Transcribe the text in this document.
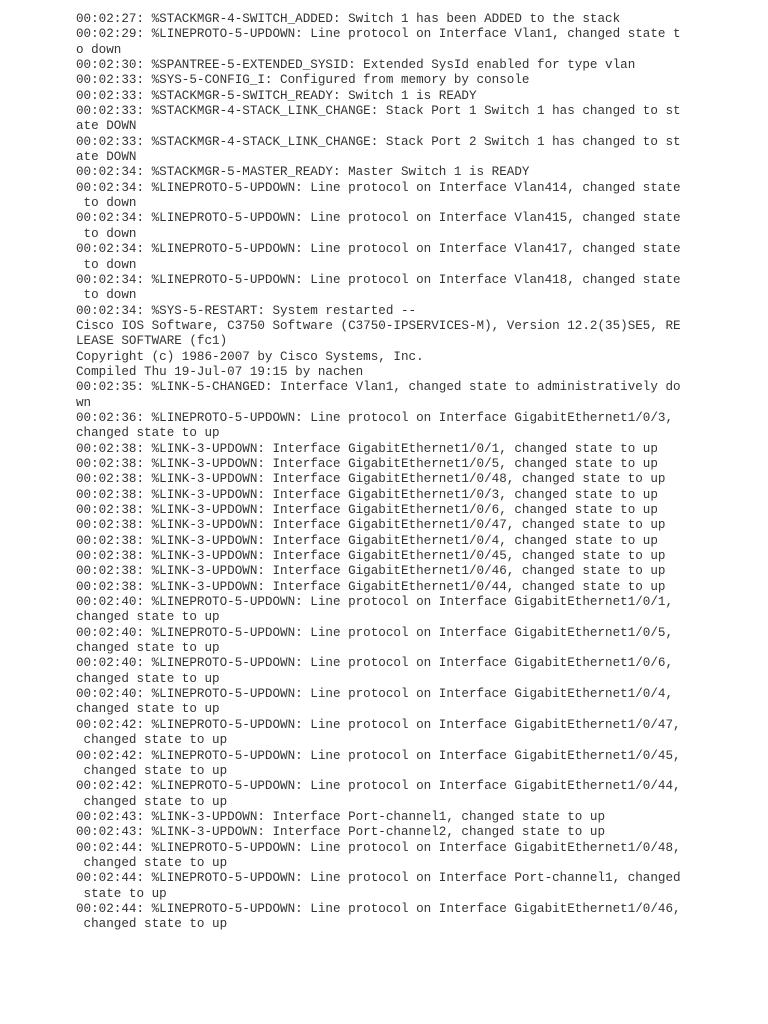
00:02:27: %STACKMGR-4-SWITCH_ADDED: Switch 1 has been ADDED to the stack
00:02:29: %LINEPROTO-5-UPDOWN: Line protocol on Interface Vlan1, changed state t
o down
00:02:30: %SPANTREE-5-EXTENDED_SYSID: Extended SysId enabled for type vlan
00:02:33: %SYS-5-CONFIG_I: Configured from memory by console
00:02:33: %STACKMGR-5-SWITCH_READY: Switch 1 is READY
00:02:33: %STACKMGR-4-STACK_LINK_CHANGE: Stack Port 1 Switch 1 has changed to st
ate DOWN
00:02:33: %STACKMGR-4-STACK_LINK_CHANGE: Stack Port 2 Switch 1 has changed to st
ate DOWN
00:02:34: %STACKMGR-5-MASTER_READY: Master Switch 1 is READY
00:02:34: %LINEPROTO-5-UPDOWN: Line protocol on Interface Vlan414, changed state
to down
00:02:34: %LINEPROTO-5-UPDOWN: Line protocol on Interface Vlan415, changed state
to down
00:02:34: %LINEPROTO-5-UPDOWN: Line protocol on Interface Vlan417, changed state
to down
00:02:34: %LINEPROTO-5-UPDOWN: Line protocol on Interface Vlan418, changed state
to down
00:02:34: %SYS-5-RESTART: System restarted --
Cisco IOS Software, C3750 Software (C3750-IPSERVICES-M), Version 12.2(35)SE5, RE
LEASE SOFTWARE (fc1)
Copyright (c) 1986-2007 by Cisco Systems, Inc.
Compiled Thu 19-Jul-07 19:15 by nachen
00:02:35: %LINK-5-CHANGED: Interface Vlan1, changed state to administratively do
wn
00:02:36: %LINEPROTO-5-UPDOWN: Line protocol on Interface GigabitEthernet1/0/3,
changed state to up
00:02:38: %LINK-3-UPDOWN: Interface GigabitEthernet1/0/1, changed state to up
00:02:38: %LINK-3-UPDOWN: Interface GigabitEthernet1/0/5, changed state to up
00:02:38: %LINK-3-UPDOWN: Interface GigabitEthernet1/0/48, changed state to up
00:02:38: %LINK-3-UPDOWN: Interface GigabitEthernet1/0/3, changed state to up
00:02:38: %LINK-3-UPDOWN: Interface GigabitEthernet1/0/6, changed state to up
00:02:38: %LINK-3-UPDOWN: Interface GigabitEthernet1/0/47, changed state to up
00:02:38: %LINK-3-UPDOWN: Interface GigabitEthernet1/0/4, changed state to up
00:02:38: %LINK-3-UPDOWN: Interface GigabitEthernet1/0/45, changed state to up
00:02:38: %LINK-3-UPDOWN: Interface GigabitEthernet1/0/46, changed state to up
00:02:38: %LINK-3-UPDOWN: Interface GigabitEthernet1/0/44, changed state to up
00:02:40: %LINEPROTO-5-UPDOWN: Line protocol on Interface GigabitEthernet1/0/1,
changed state to up
00:02:40: %LINEPROTO-5-UPDOWN: Line protocol on Interface GigabitEthernet1/0/5,
changed state to up
00:02:40: %LINEPROTO-5-UPDOWN: Line protocol on Interface GigabitEthernet1/0/6,
changed state to up
00:02:40: %LINEPROTO-5-UPDOWN: Line protocol on Interface GigabitEthernet1/0/4,
changed state to up
00:02:42: %LINEPROTO-5-UPDOWN: Line protocol on Interface GigabitEthernet1/0/47,
changed state to up
00:02:42: %LINEPROTO-5-UPDOWN: Line protocol on Interface GigabitEthernet1/0/45,
changed state to up
00:02:42: %LINEPROTO-5-UPDOWN: Line protocol on Interface GigabitEthernet1/0/44,
changed state to up
00:02:43: %LINK-3-UPDOWN: Interface Port-channel1, changed state to up
00:02:43: %LINK-3-UPDOWN: Interface Port-channel2, changed state to up
00:02:44: %LINEPROTO-5-UPDOWN: Line protocol on Interface GigabitEthernet1/0/48,
changed state to up
00:02:44: %LINEPROTO-5-UPDOWN: Line protocol on Interface Port-channel1, changed
state to up
00:02:44: %LINEPROTO-5-UPDOWN: Line protocol on Interface GigabitEthernet1/0/46,
changed state to up
